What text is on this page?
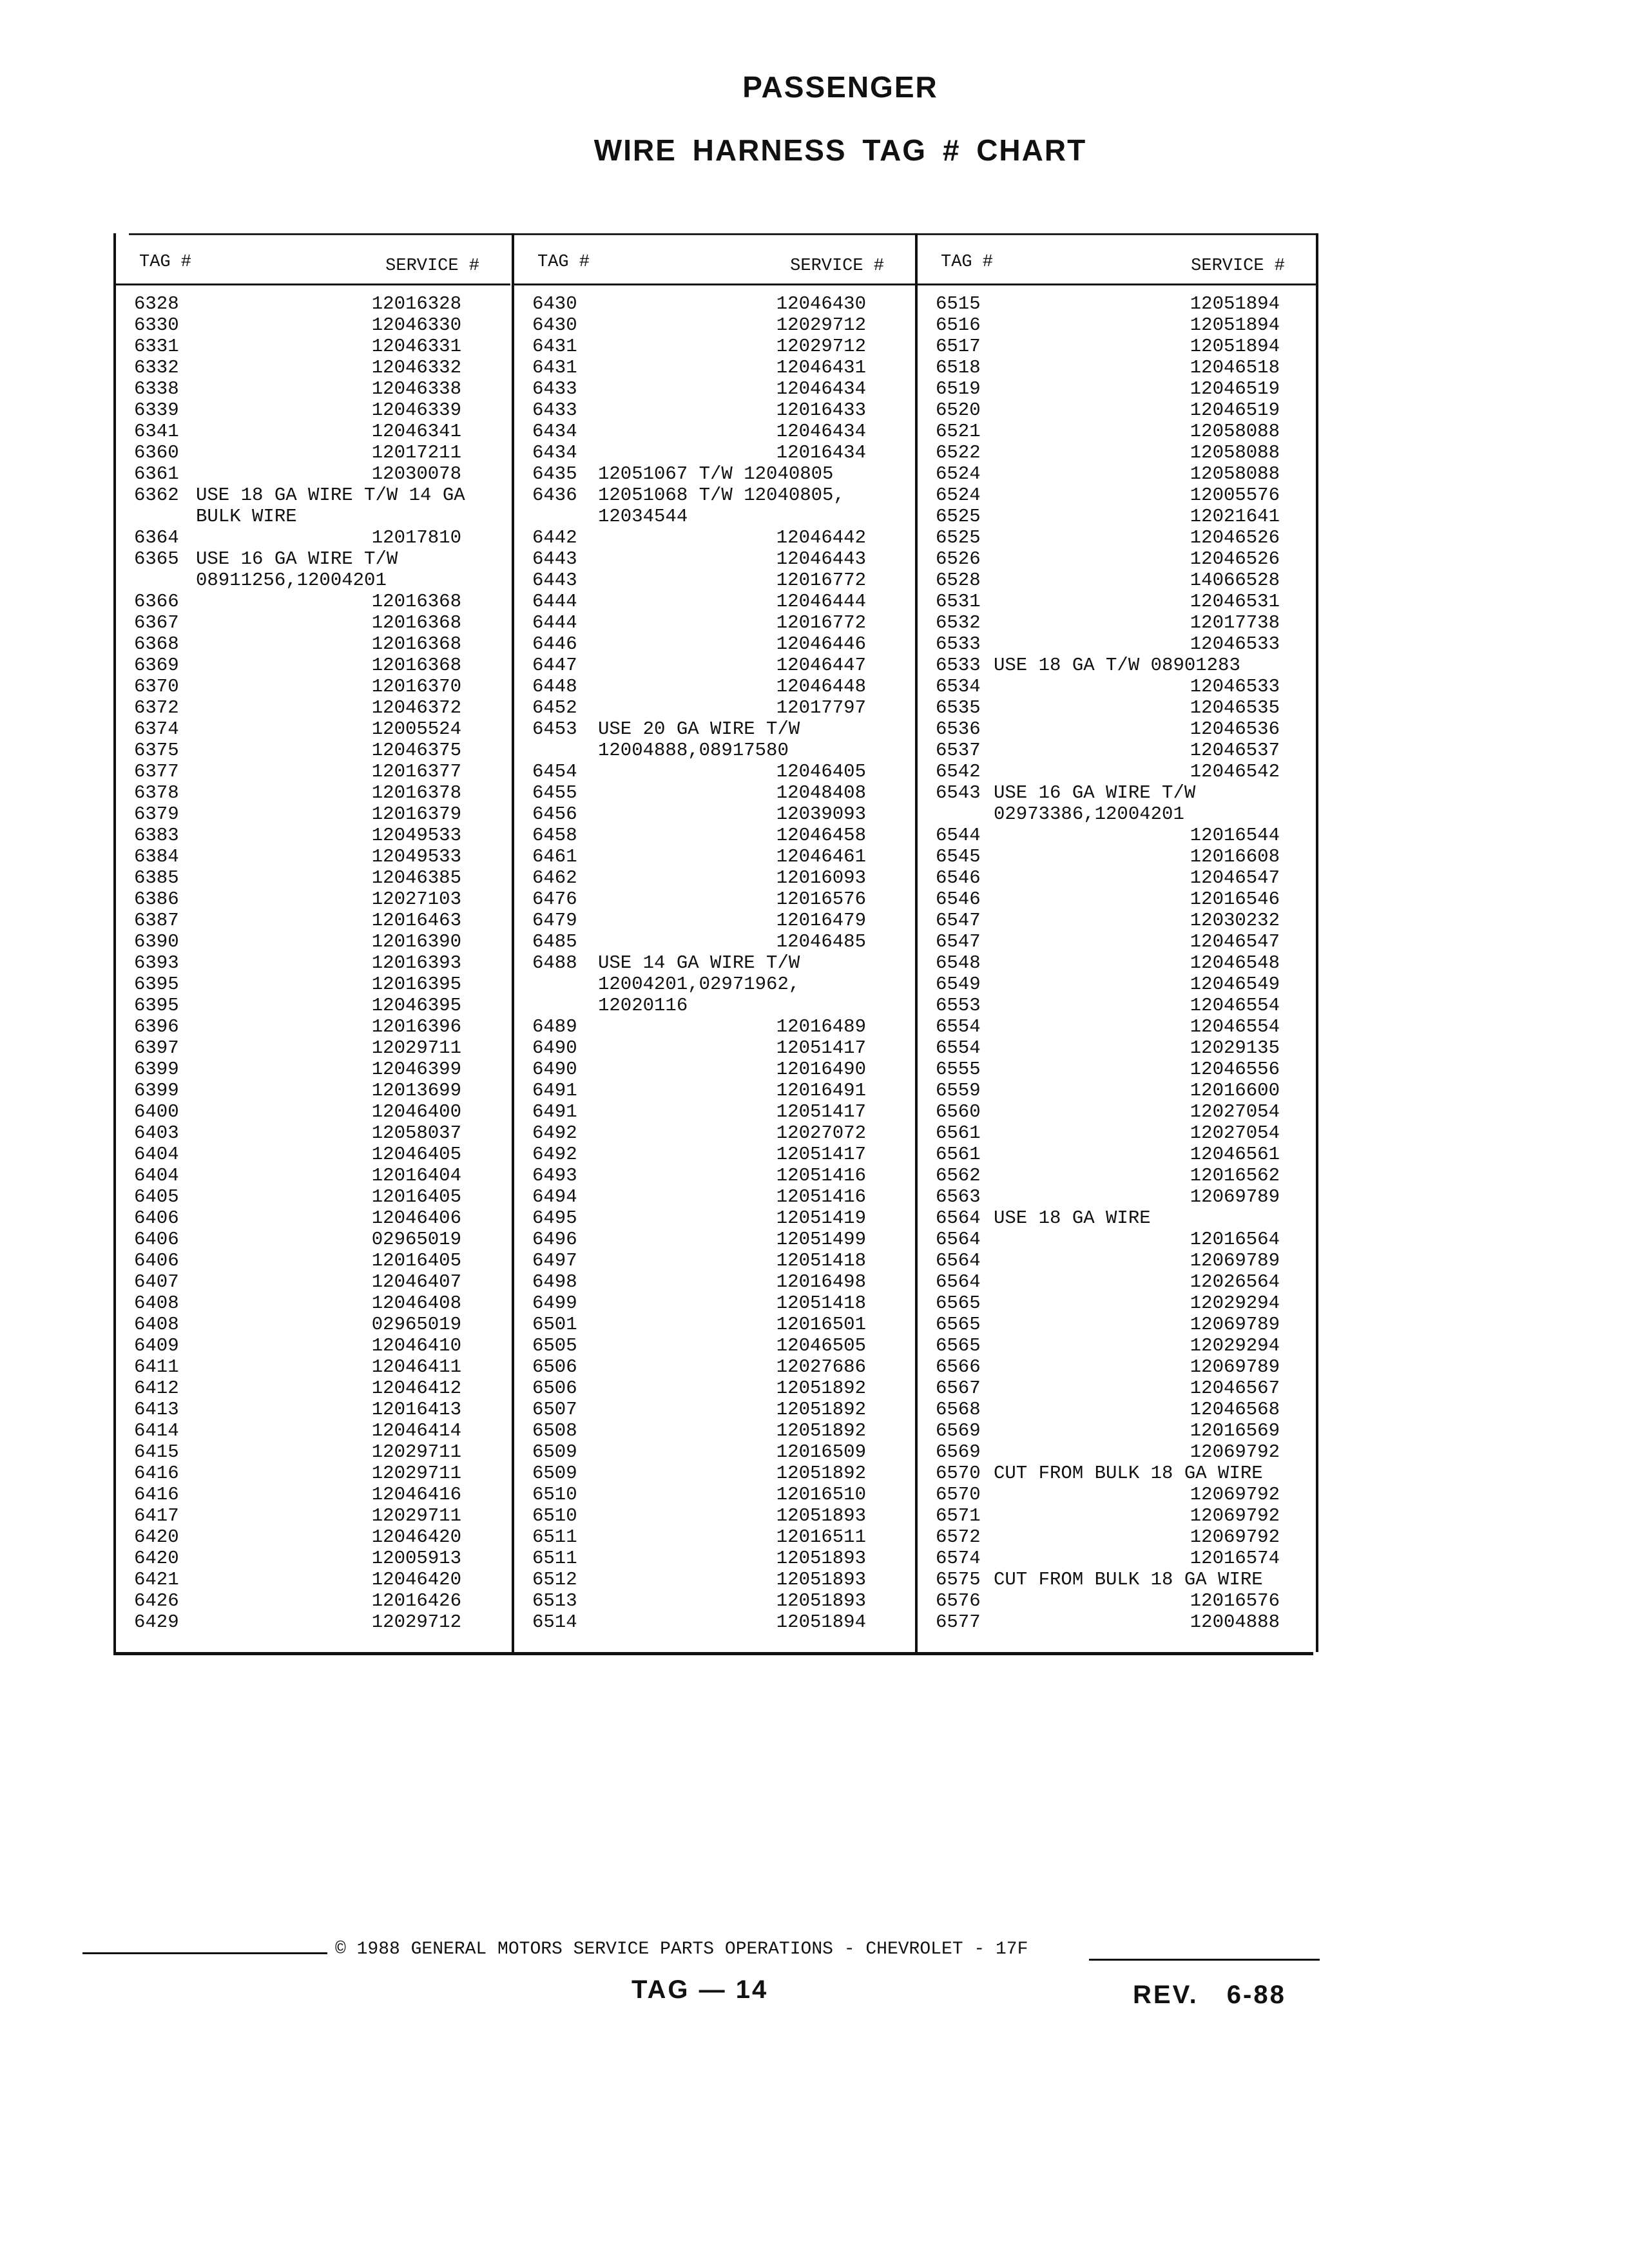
PASSENGER
WIRE HARNESS TAG # CHART
TAG #	SERVICE #
6328	12016328
6330	12046330
6331	12046331
6332	12046332
6338	12046338
6339	12046339
6341	12046341
6360	12017211
6361	12030078
6362 USE 18 GA WIRE T/W 14 GA
BULK WIRE
6364	12017810
6365 USE 16 GA WIRE T/W
08911256,12004201
6366	12016368
6367	12016368
6368	12016368
6369	12016368
6370	12016370
6372	12046372
6374	12005524
6375	12046375
6377	12016377
6378	12016378
6379	12016379
6383	12049533
6384	12049533
6385	12046385
6386	12027103
6387	12016463
6390	12016390
6393	12016393
6395	12016395
6395	12046395
6396	12016396
6397	12029711
6399	12046399
6399	12013699
6400	12046400
6403	12058037
6404	12046405
6404	12016404
6405	12016405
6406	12046406
6406	02965019
6406	12016405
6407	12046407
6408	12046408
6408	02965019
6409	12046410
6411	12046411
6412	12046412
6413	12016413
6414	12046414
6415	12029711
6416	12029711
6416	12046416
6417	12029711
6420	12046420
6420	12005913
6421	12046420
6426	12016426
6429	12029712
TAG #	SERVICE #
6430	12046430
6430	12029712
6431	12029712
6431	12046431
6433	12046434
6433	12016433
6434	12046434
6434	12016434
6435 12051067 T/W 12040805
6436 12051068 T/W 12040805,
12034544
6442	12046442
6443	12046443
6443	12016772
6444	12046444
6444	12016772
6446	12046446
6447	12046447
6448	12046448
6452	12017797
6453 USE 20 GA WIRE T/W
12004888,08917580
6454	12046405
6455	12048408
6456	12039093
6458	12046458
6461	12046461
6462	12016093
6476	12016576
6479	12016479
6485	12046485
6488 USE 14 GA WIRE T/W
12004201,02971962,
12020116
6489	12016489
6490	12051417
6490	12016490
6491	12016491
6491	12051417
6492	12027072
6492	12051417
6493	12051416
6494	12051416
6495	12051419
6496	12051499
6497	12051418
6498	12016498
6499	12051418
6501	12016501
6505	12046505
6506	12027686
6506	12051892
6507	12051892
6508	12051892
6509	12016509
6509	12051892
6510	12016510
6510	12051893
6511	12016511
6511	12051893
6512	12051893
6513	12051893
6514	12051894
TAG #	SERVICE #
6515	12051894
6516	12051894
6517	12051894
6518	12046518
6519	12046519
6520	12046519
6521	12058088
6522	12058088
6524	12058088
6524	12005576
6525	12021641
6525	12046526
6526	12046526
6528	14066528
6531	12046531
6532	12017738
6533	12046533
6533 USE 18 GA T/W 08901283
6534	12046533
6535	12046535
6536	12046536
6537	12046537
6542	12046542
6543 USE 16 GA WIRE T/W
02973386,12004201
6544	12016544
6545	12016608
6546	12046547
6546	12016546
6547	12030232
6547	12046547
6548	12046548
6549	12046549
6553	12046554
6554	12046554
6554	12029135
6555	12046556
6559	12016600
6560	12027054
6561	12027054
6561	12046561
6562	12016562
6563	12069789
6564 USE 18 GA WIRE
6564	12016564
6564	12069789
6564	12026564
6565	12029294
6565	12069789
6565	12029294
6566	12069789
6567	12046567
6568	12046568
6569	12016569
6569	12069792
6570 CUT FROM BULK 18 GA WIRE
6570	12069792
6571	12069792
6572	12069792
6574	12016574
6575 CUT FROM BULK 18 GA WIRE
6576	12016576
6577	12004888
© 1988 GENERAL MOTORS SERVICE PARTS OPERATIONS - CHEVROLET - 17F
TAG — 14	REV. 6-88
